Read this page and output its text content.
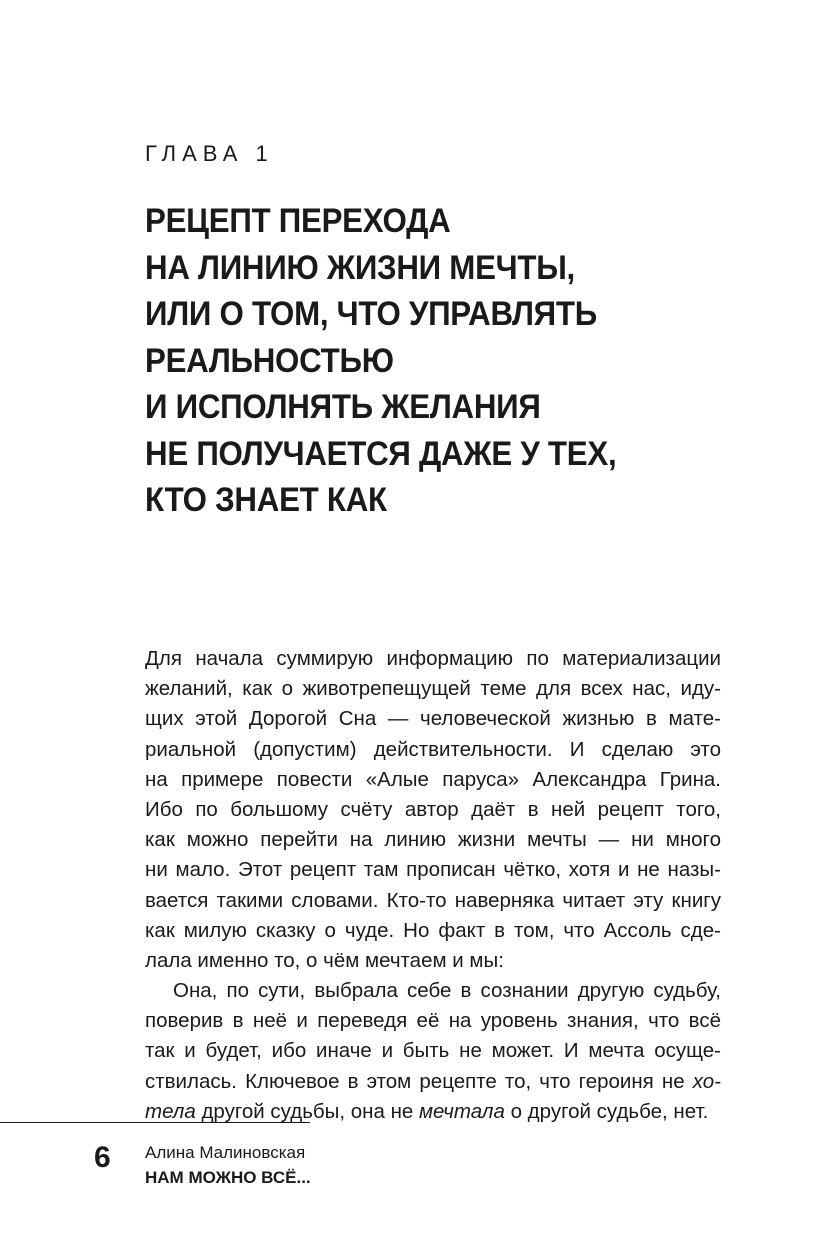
ГЛАВА 1
РЕЦЕПТ ПЕРЕХОДА
НА ЛИНИЮ ЖИЗНИ МЕЧТЫ,
ИЛИ О ТОМ, ЧТО УПРАВЛЯТЬ
РЕАЛЬНОСТЬЮ
И ИСПОЛНЯТЬ ЖЕЛАНИЯ
НЕ ПОЛУЧАЕТСЯ ДАЖЕ У ТЕХ,
КТО ЗНАЕТ КАК
Для начала суммирую информацию по материализации
желаний, как о животрепещущей теме для всех нас, иду-
щих этой Дорогой Сна — человеческой жизнью в мате-
риальной (допустим) действительности. И сделаю это
на примере повести «Алые паруса» Александра Грина.
Ибо по большому счёту автор даёт в ней рецепт того,
как можно перейти на линию жизни мечты — ни много
ни мало. Этот рецепт там прописан чётко, хотя и не назы-
вается такими словами. Кто-то наверняка читает эту книгу
как милую сказку о чуде. Но факт в том, что Ассоль сде-
лала именно то, о чём мечтаем и мы:
Она, по сути, выбрала себе в сознании другую судьбу,
поверив в неё и переведя её на уровень знания, что всё
так и будет, ибо иначе и быть не может. И мечта осуще-
ствилась. Ключевое в этом рецепте то, что героиня не хо-
тела другой судьбы, она не мечтала о другой судьбе, нет.
6 Алина Малиновская
НАМ МОЖНО ВСЁ...
